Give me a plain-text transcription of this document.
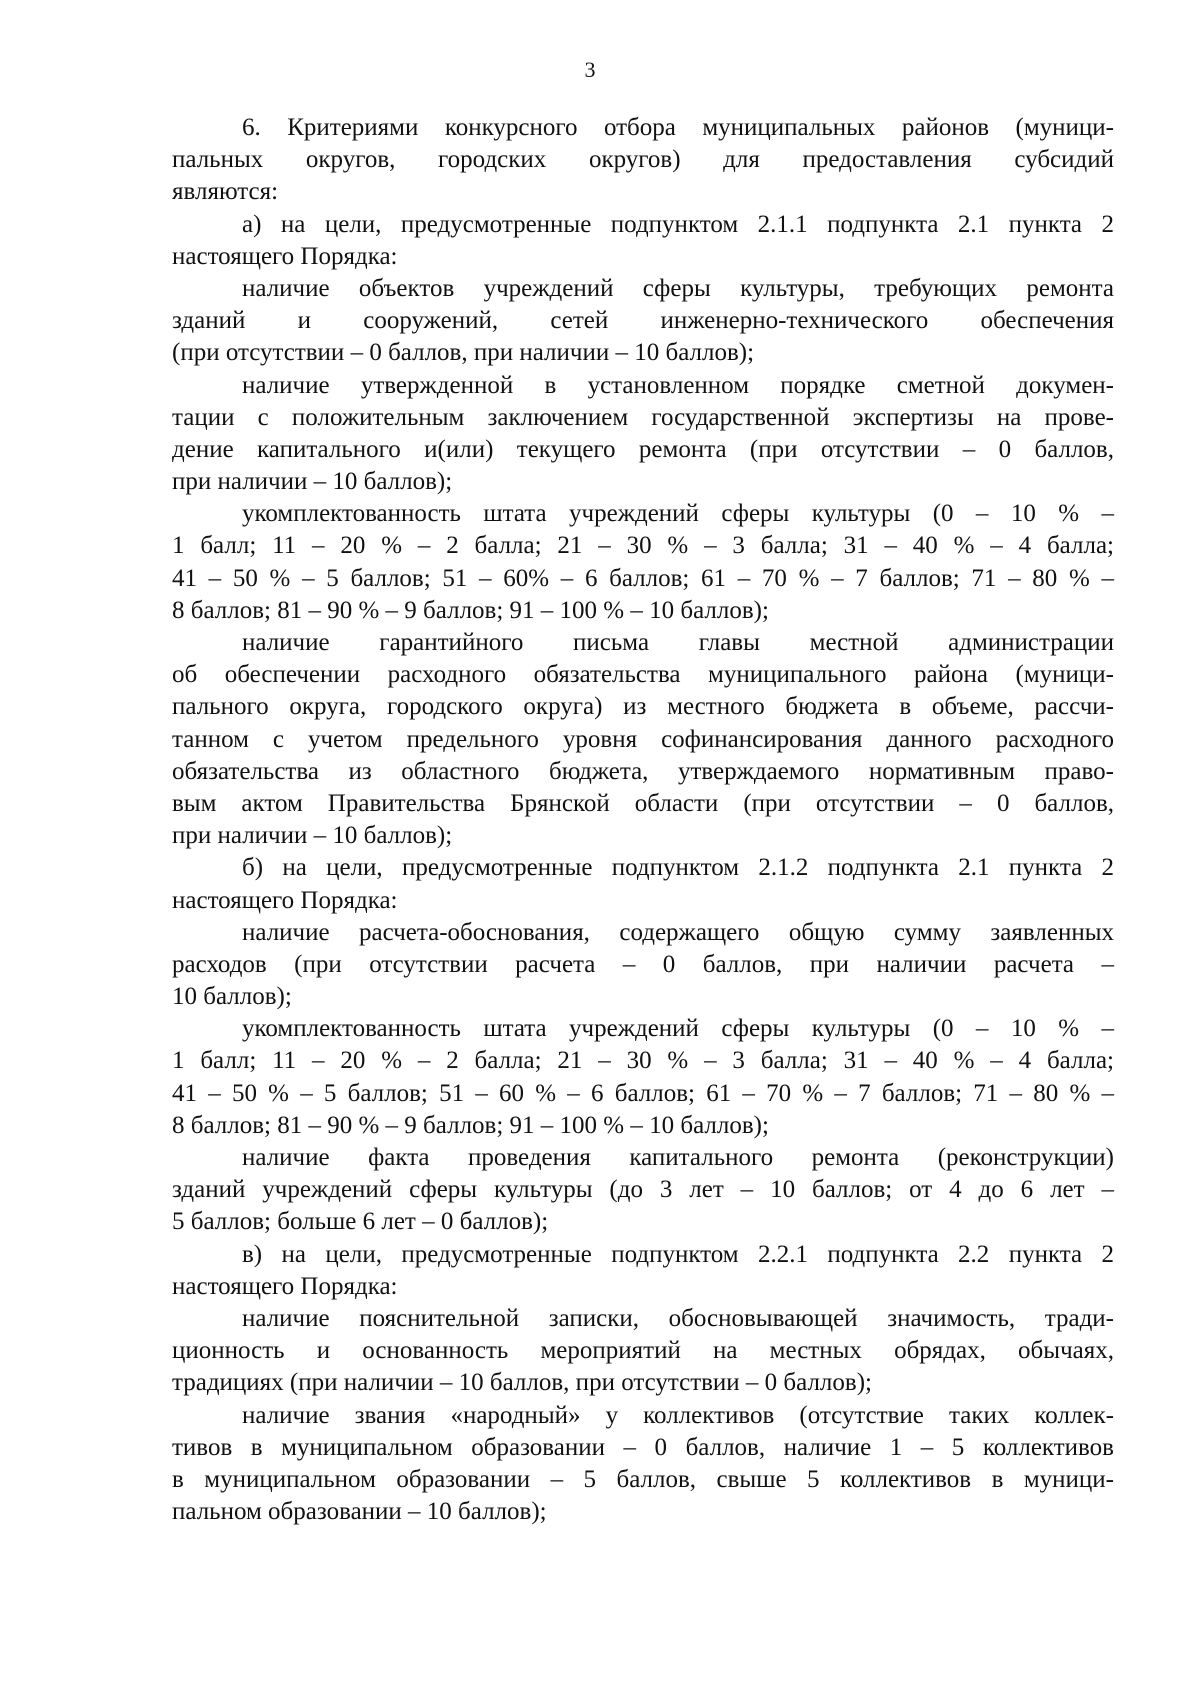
3
6. Критериями конкурсного отбора муниципальных районов (муници-
пальных округов, городских округов) для предоставления субсидий
являются:
а) на цели, предусмотренные подпунктом 2.1.1 подпункта 2.1 пункта 2
настоящего Порядка:
наличие объектов учреждений сферы культуры, требующих ремонта
зданий и сооружений, сетей инженерно-технического обеспечения
(при отсутствии – 0 баллов, при наличии – 10 баллов);
наличие утвержденной в установленном порядке сметной докумен-
тации с положительным заключением государственной экспертизы на прове-
дение капитального и(или) текущего ремонта (при отсутствии – 0 баллов,
при наличии – 10 баллов);
укомплектованность штата учреждений сферы культуры (0 – 10 % –
1 балл; 11 – 20 % – 2 балла; 21 – 30 % – 3 балла; 31 – 40 % – 4 балла;
41 – 50 % – 5 баллов; 51 – 60% – 6 баллов; 61 – 70 % – 7 баллов; 71 – 80 % –
8 баллов; 81 – 90 % – 9 баллов; 91 – 100 % – 10 баллов);
наличие гарантийного письма главы местной администрации
об обеспечении расходного обязательства муниципального района (муници-
пального округа, городского округа) из местного бюджета в объеме, рассчи-
танном с учетом предельного уровня софинансирования данного расходного
обязательства из областного бюджета, утверждаемого нормативным право-
вым актом Правительства Брянской области (при отсутствии – 0 баллов,
при наличии – 10 баллов);
б) на цели, предусмотренные подпунктом 2.1.2 подпункта 2.1 пункта 2
настоящего Порядка:
наличие расчета-обоснования, содержащего общую сумму заявленных
расходов (при отсутствии расчета – 0 баллов, при наличии расчета –
10 баллов);
укомплектованность штата учреждений сферы культуры (0 – 10 % –
1 балл; 11 – 20 % – 2 балла; 21 – 30 % – 3 балла; 31 – 40 % – 4 балла;
41 – 50 % – 5 баллов; 51 – 60 % – 6 баллов; 61 – 70 % – 7 баллов; 71 – 80 % –
8 баллов; 81 – 90 % – 9 баллов; 91 – 100 % – 10 баллов);
наличие факта проведения капитального ремонта (реконструкции)
зданий учреждений сферы культуры (до 3 лет – 10 баллов; от 4 до 6 лет –
5 баллов; больше 6 лет – 0 баллов);
в) на цели, предусмотренные подпунктом 2.2.1 подпункта 2.2 пункта 2
настоящего Порядка:
наличие пояснительной записки, обосновывающей значимость, тради-
ционность и основанность мероприятий на местных обрядах, обычаях,
традициях (при наличии – 10 баллов, при отсутствии – 0 баллов);
наличие звания «народный» у коллективов (отсутствие таких коллек-
тивов в муниципальном образовании – 0 баллов, наличие 1 – 5 коллективов
в муниципальном образовании – 5 баллов, свыше 5 коллективов в муници-
пальном образовании – 10 баллов);
